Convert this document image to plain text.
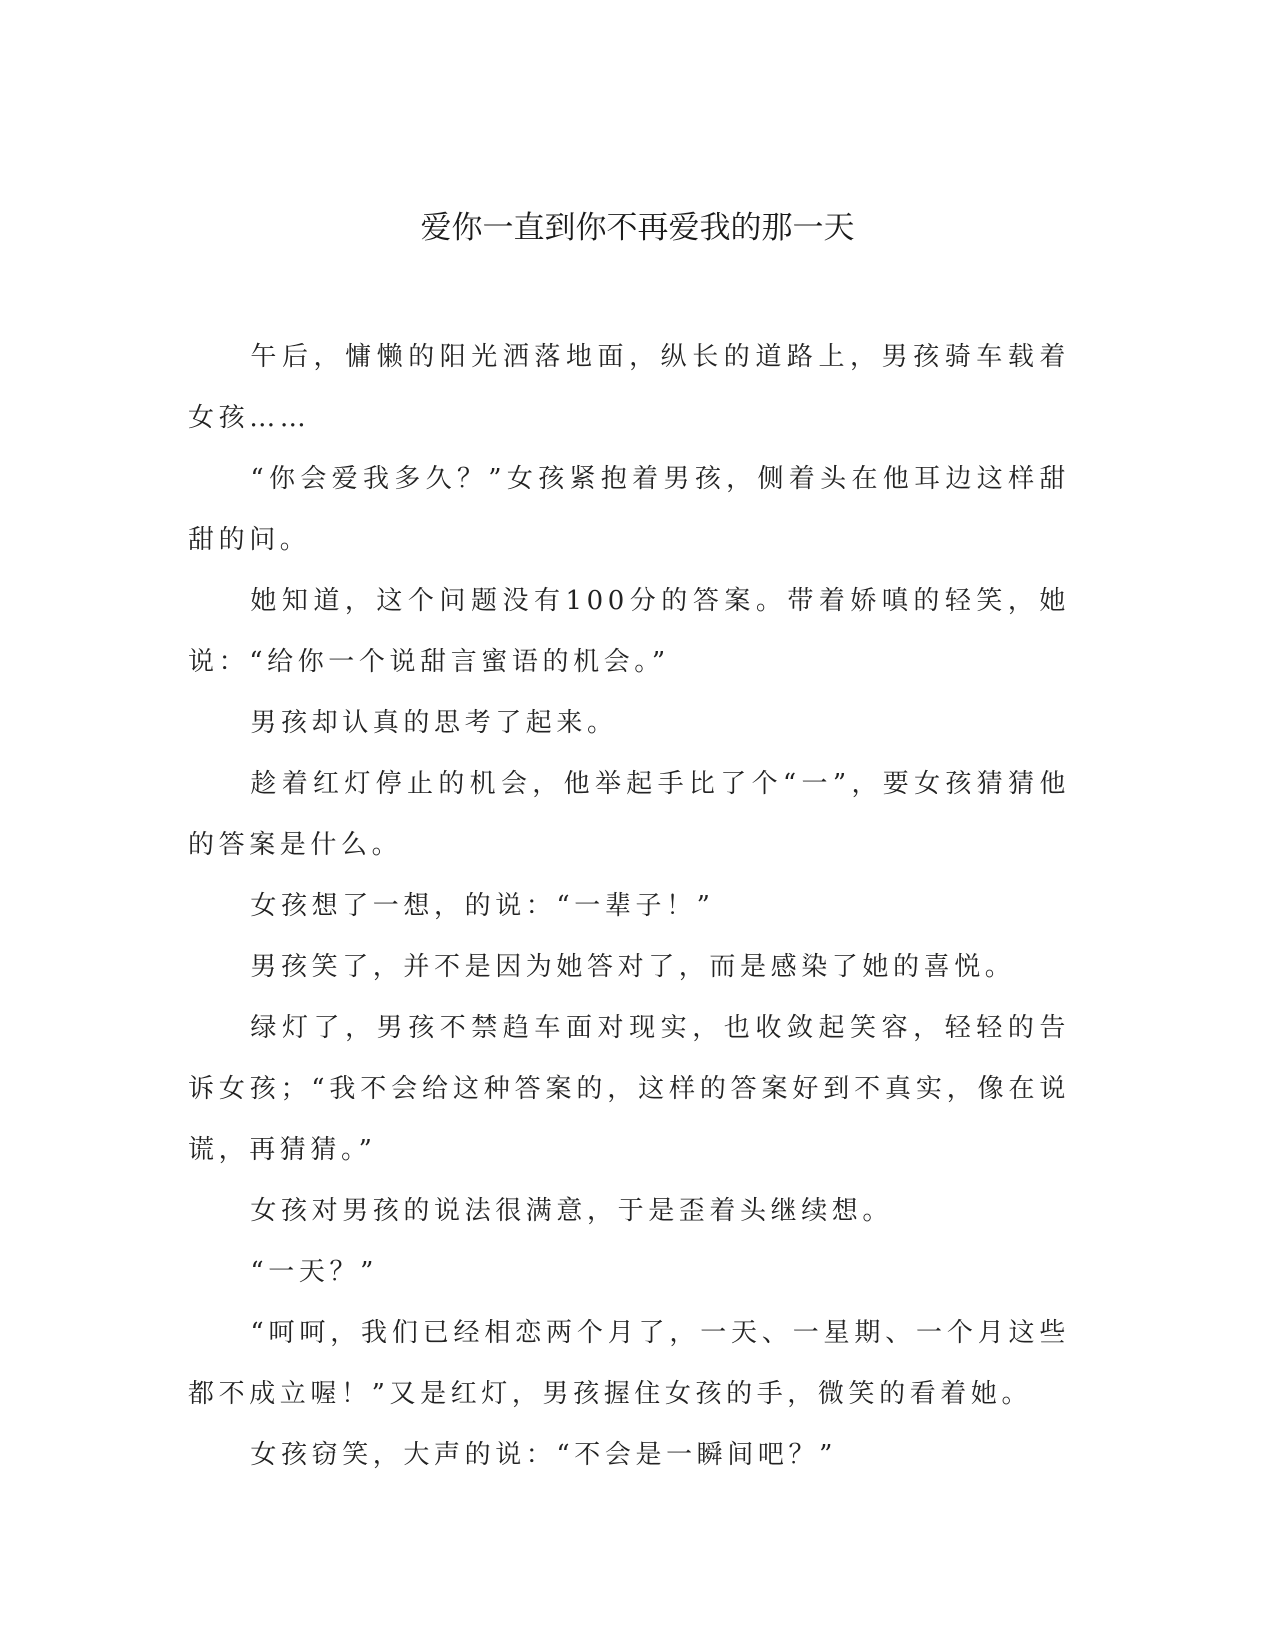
爱你一直到你不再爱我的那一天

午后，慵懒的阳光洒落地面，纵长的道路上，男孩骑车载着女孩……

“你会爱我多久？”女孩紧抱着男孩，侧着头在他耳边这样甜甜的问。

她知道，这个问题没有100分的答案。带着娇嗔的轻笑，她说：“给你一个说甜言蜜语的机会。”

男孩却认真的思考了起来。

趁着红灯停止的机会，他举起手比了个“一”，要女孩猜猜他的答案是什么。

女孩想了一想，的说：“一辈子！”

男孩笑了，并不是因为她答对了，而是感染了她的喜悦。

绿灯了，男孩不禁趋车面对现实，也收敛起笑容，轻轻的告诉女孩；“我不会给这种答案的，这样的答案好到不真实，像在说谎，再猜猜。”

女孩对男孩的说法很满意，于是歪着头继续想。

“一天？”

“呵呵，我们已经相恋两个月了，一天、一星期、一个月这些都不成立喔！”又是红灯，男孩握住女孩的手，微笑的看着她。

女孩窃笑，大声的说：“不会是一瞬间吧？”
